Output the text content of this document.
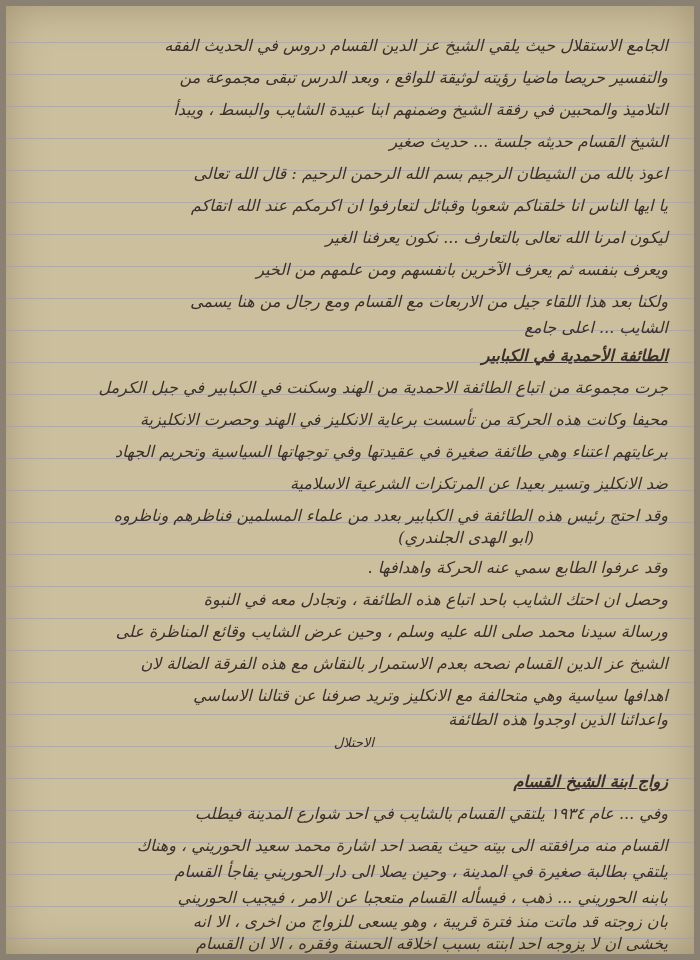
الجامع الاستقلال حيث يلقي الشيخ عز الدين القسام دروس في الحديث الفقه
والتفسير حريصا ماضيا رؤيته لوثيقة للواقع ، وبعد الدرس تبقى مجموعة من
التلاميذ والمحبين في رفقة الشيخ وضمنهم ابنا عبيدة الشايب والبسط ، ويبدأ
الشيخ القسام حديثه جلسة ... حديث صغير
اعوذ بالله من الشيطان الرجيم بسم الله الرحمن الرحيم : قال الله تعالى
يا ايها الناس انا خلقناكم شعوبا وقبائل لتعارفوا ان اكرمكم عند الله اتقاكم
ليكون امرنا الله تعالى بالتعارف ... نكون يعرفنا الغير
ويعرف بنفسه ثم يعرف الآخرين بانفسهم ومن علمهم من الخير
ولكنا بعد هذا اللقاء جيل من الاربعات مع القسام ومع رجال من هنا يسمى
الشايب ... اعلى جامع
الطائفة الأحمدية في الكبابير
جرت مجموعة من اتباع الطائفة الاحمدية من الهند وسكنت في الكبابير في جبل الكرمل
محيفا وكانت هذه الحركة من تأسست برعاية الانكليز في الهند وحصرت الانكليزية
برعايتهم اعتناء وهي طائفة صغيرة في عقيدتها وفي توجهاتها السياسية وتحريم الجهاد
ضد الانكليز وتسير بعيدا عن المرتكزات الشرعية الاسلامية
وقد احتج رئيس هذه الطائفة في الكبابير بعدد من علماء المسلمين فناظرهم وناظروه
(ابو الهدى الجلندري)
وقد عرفوا الطابع سمي عنه الحركة واهدافها .
وحصل ان احتك الشايب باحد اتباع هذه الطائفة ، وتجادل معه في النبوة
ورسالة سيدنا محمد صلى الله عليه وسلم ، وحين عرض الشايب وقائع المناظرة على
الشيخ عز الدين القسام نصحه بعدم الاستمرار بالنقاش مع هذه الفرقة الضالة لان
اهدافها سياسية وهي متحالفة مع الانكليز وتريد صرفنا عن قتالنا الاساسي
واعدائنا الذين اوجدوا هذه الطائفة
الاحتلال
زواج ابنة الشيخ القسام
وفي ... عام ١٩٣٤ يلتقي القسام بالشايب في احد شوارع المدينة فيطلب
القسام منه مرافقته الى بيته حيث يقصد احد اشارة محمد سعيد الحوريني ، وهناك
يلتقي بطالبة صغيرة في المدينة ، وحين يصلا الى دار الحوريني يفاجأ القسام
بابنه الحوريني ... ذهب ، فيسأله القسام متعجبا عن الامر ، فيجيب الحوريني
بان زوجته قد ماتت منذ فترة قريبة ، وهو يسعى للزواج من اخرى ، الا انه
يخشى ان لا يزوجه احد ابنته بسبب اخلاقه الحسنة وفقره ، الا ان القسام
